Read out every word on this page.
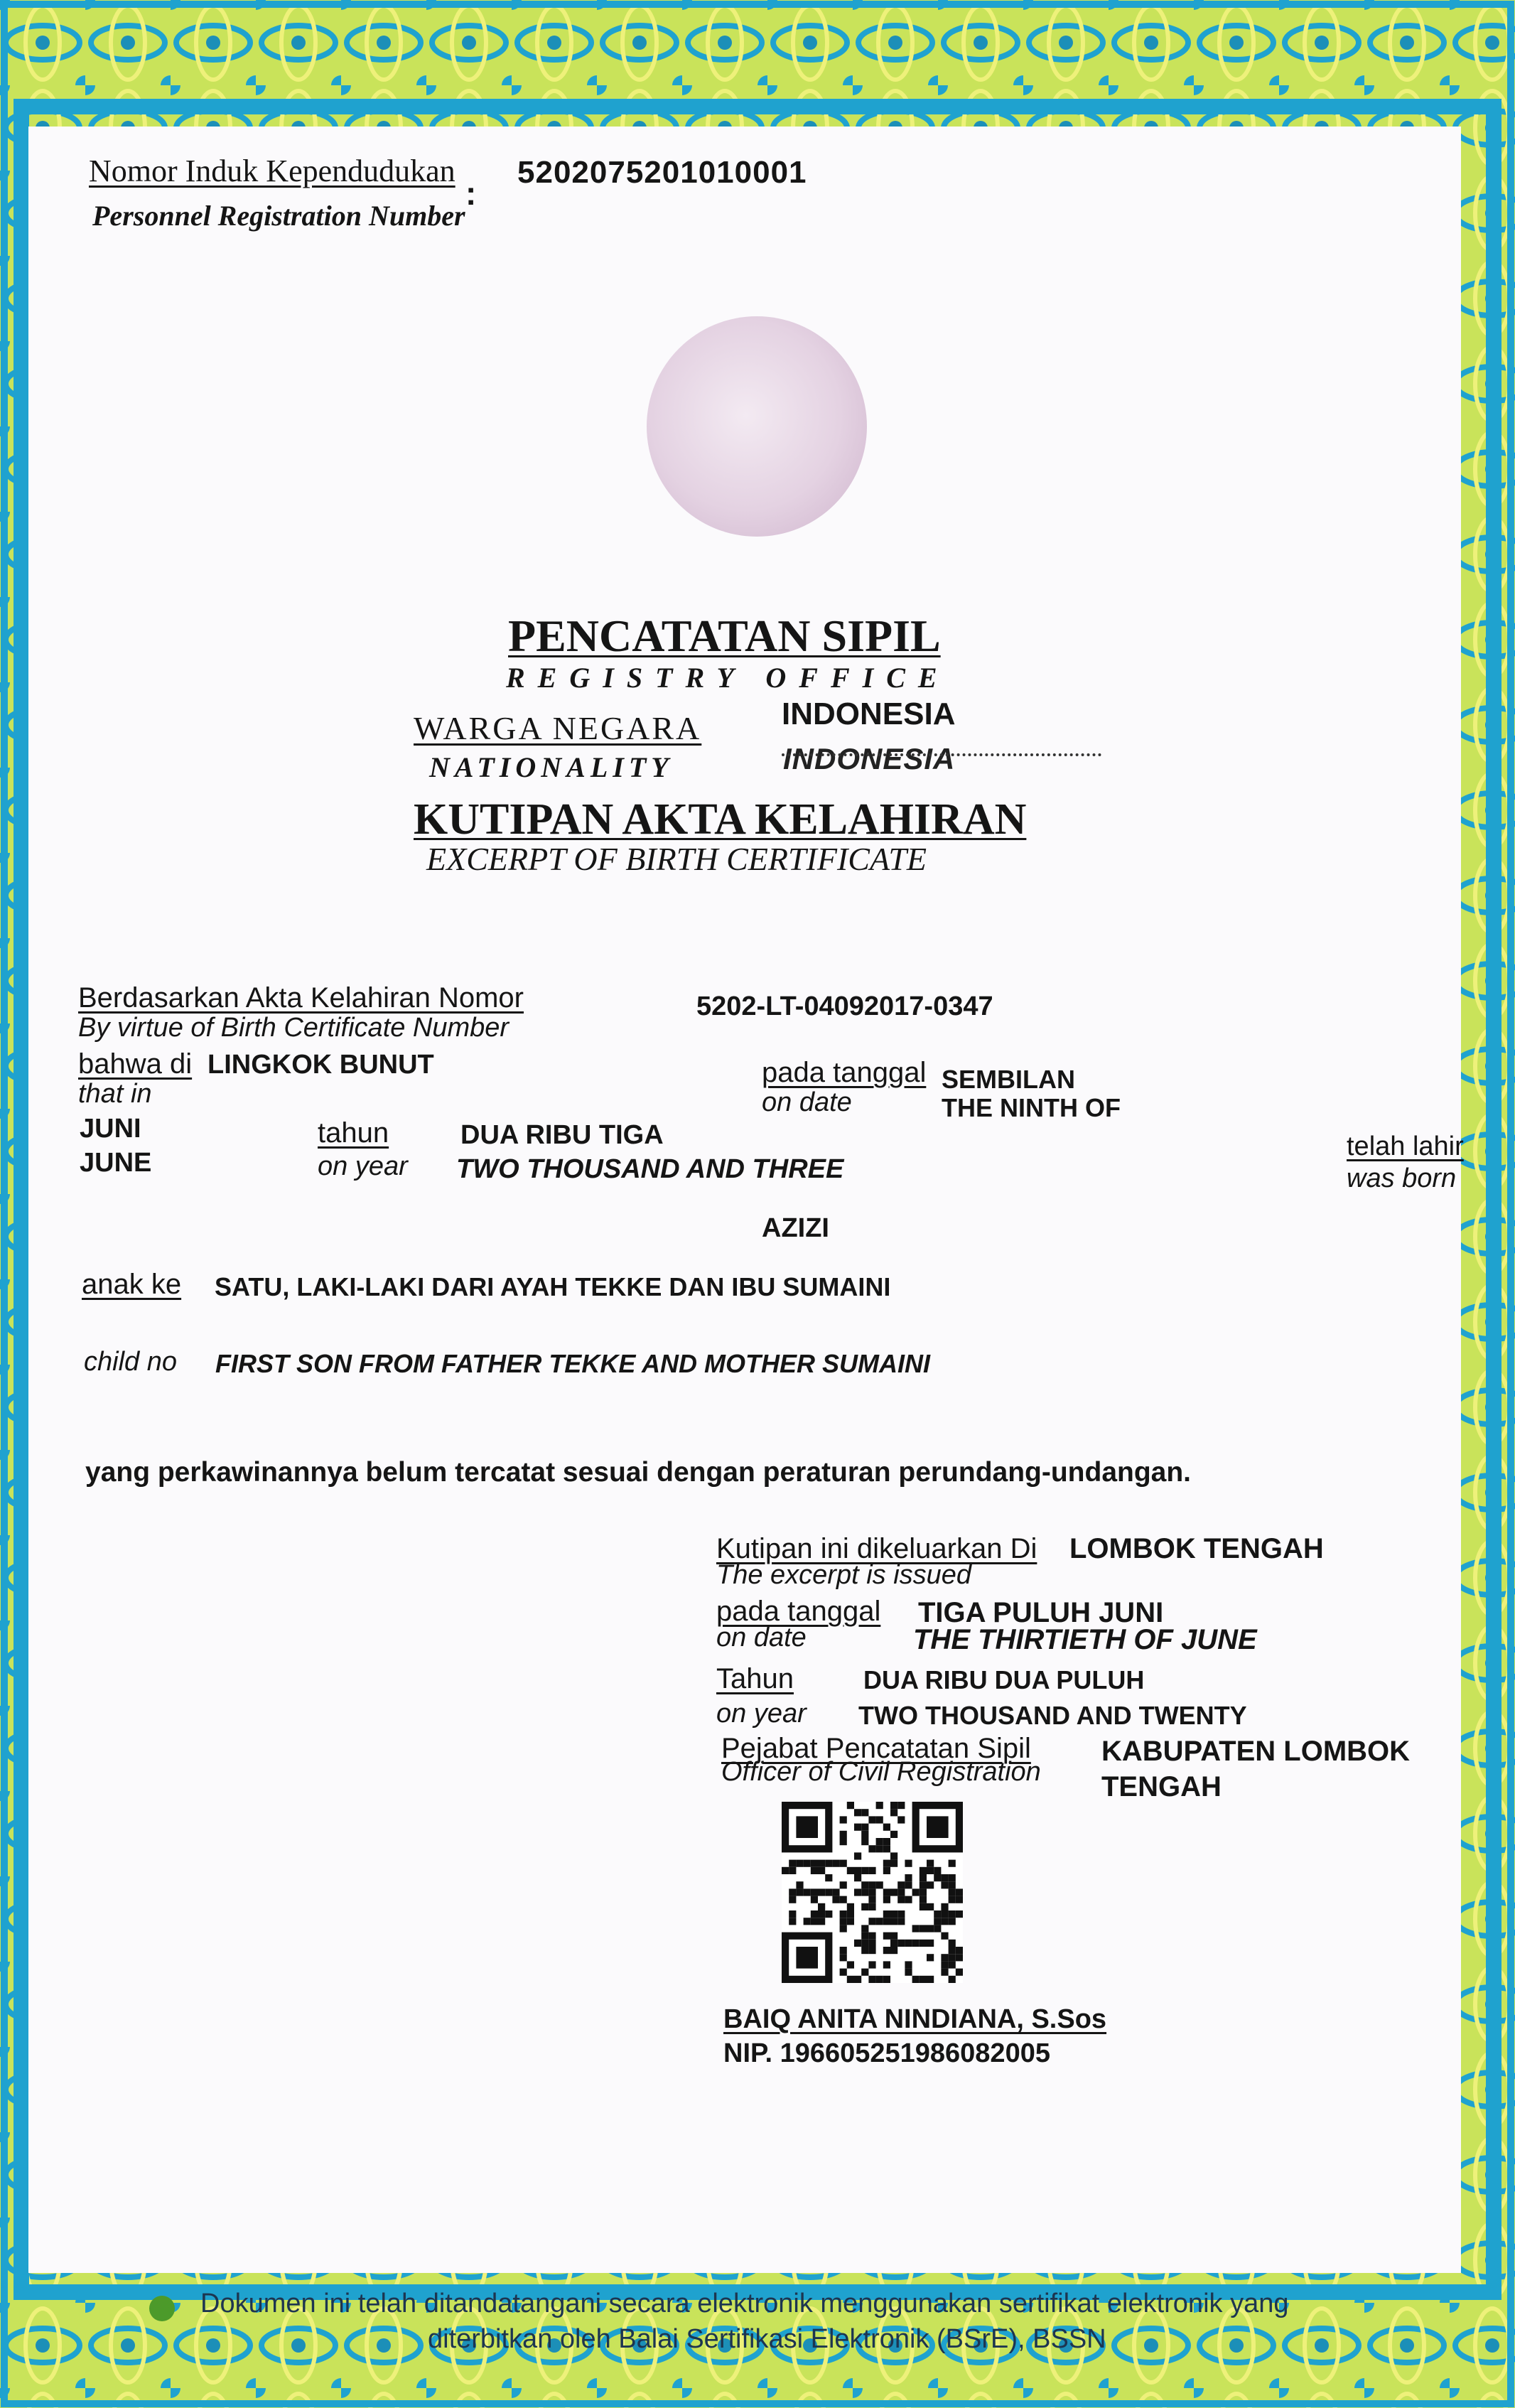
Nomor Induk Kependudukan
Personnel Registration Number
:
5202075201010001
PENCATATAN SIPIL
REGISTRY OFFICE
WARGA NEGARA
NATIONALITY
INDONESIA
INDONESIA
KUTIPAN AKTA KELAHIRAN
EXCERPT OF BIRTH CERTIFICATE
Berdasarkan Akta Kelahiran Nomor
By virtue of Birth Certificate Number
5202-LT-04092017-0347
bahwa di
that in
LINGKOK BUNUT	pada tanggal
on date
SEMBILAN
THE NINTH OF
JUNI
JUNE
tahun
on year
DUA RIBU TIGA
TWO THOUSAND AND THREE
telah lahir
was born
AZIZI
anak ke SATU, LAKI-LAKI DARI AYAH TEKKE DAN IBU SUMAINI
child no FIRST SON FROM FATHER TEKKE AND MOTHER SUMAINI
yang perkawinannya belum tercatat sesuai dengan peraturan perundang-undangan.
Kutipan ini dikeluarkan Di
The excerpt is issued
LOMBOK TENGAH
pada tanggal
on date
TIGA PULUH JUNI
THE THIRTIETH OF JUNE
Tahun
on year
DUA RIBU DUA PULUH
TWO THOUSAND AND TWENTY
Pejabat Pencatatan Sipil
Officer of Civil Registration
KABUPATEN LOMBOK
TENGAH
BAIQ ANITA NINDIANA, S.Sos
NIP. 196605251986082005
Dokumen ini telah ditandatangani secara elektronik menggunakan sertifikat elektronik yang
diterbitkan oleh Balai Sertifikasi Elektronik (BSrE), BSSN
